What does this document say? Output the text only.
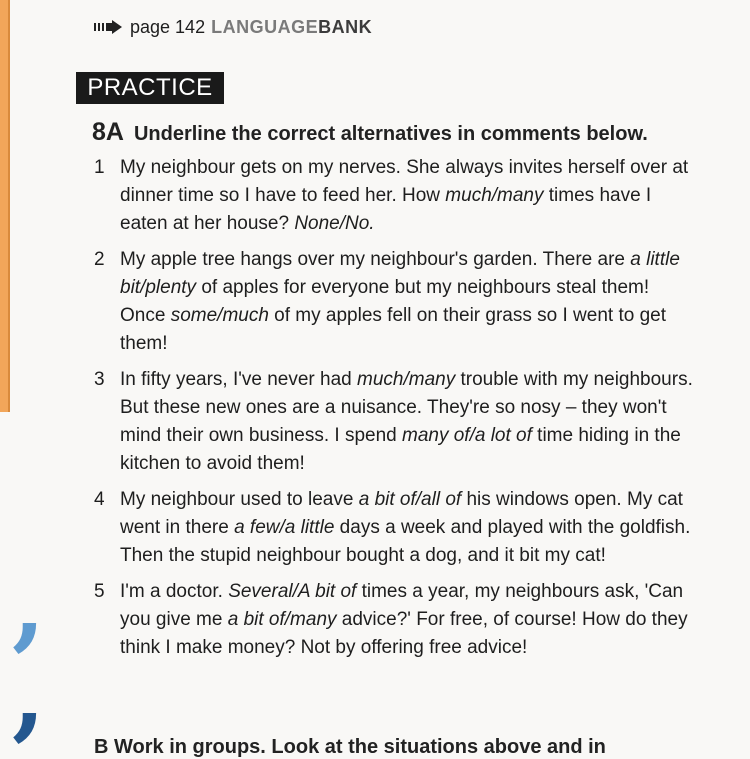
page 142 LANGUAGEBANK
PRACTICE
8A Underline the correct alternatives in comments below.
1 My neighbour gets on my nerves. She always invites herself over at dinner time so I have to feed her. How much/many times have I eaten at her house? None/No.
2 My apple tree hangs over my neighbour's garden. There are a little bit/plenty of apples for everyone but my neighbours steal them! Once some/much of my apples fell on their grass so I went to get them!
3 In fifty years, I've never had much/many trouble with my neighbours. But these new ones are a nuisance. They're so nosy – they won't mind their own business. I spend many of/a lot of time hiding in the kitchen to avoid them!
4 My neighbour used to leave a bit of/all of his windows open. My cat went in there a few/a little days a week and played with the goldfish. Then the stupid neighbour bought a dog, and it bit my cat!
5 I'm a doctor. Several/A bit of times a year, my neighbours ask, 'Can you give me a bit of/many advice?' For free, of course! How do they think I make money? Not by offering free advice!
,
, B Work in groups. Look at the situations above and in
